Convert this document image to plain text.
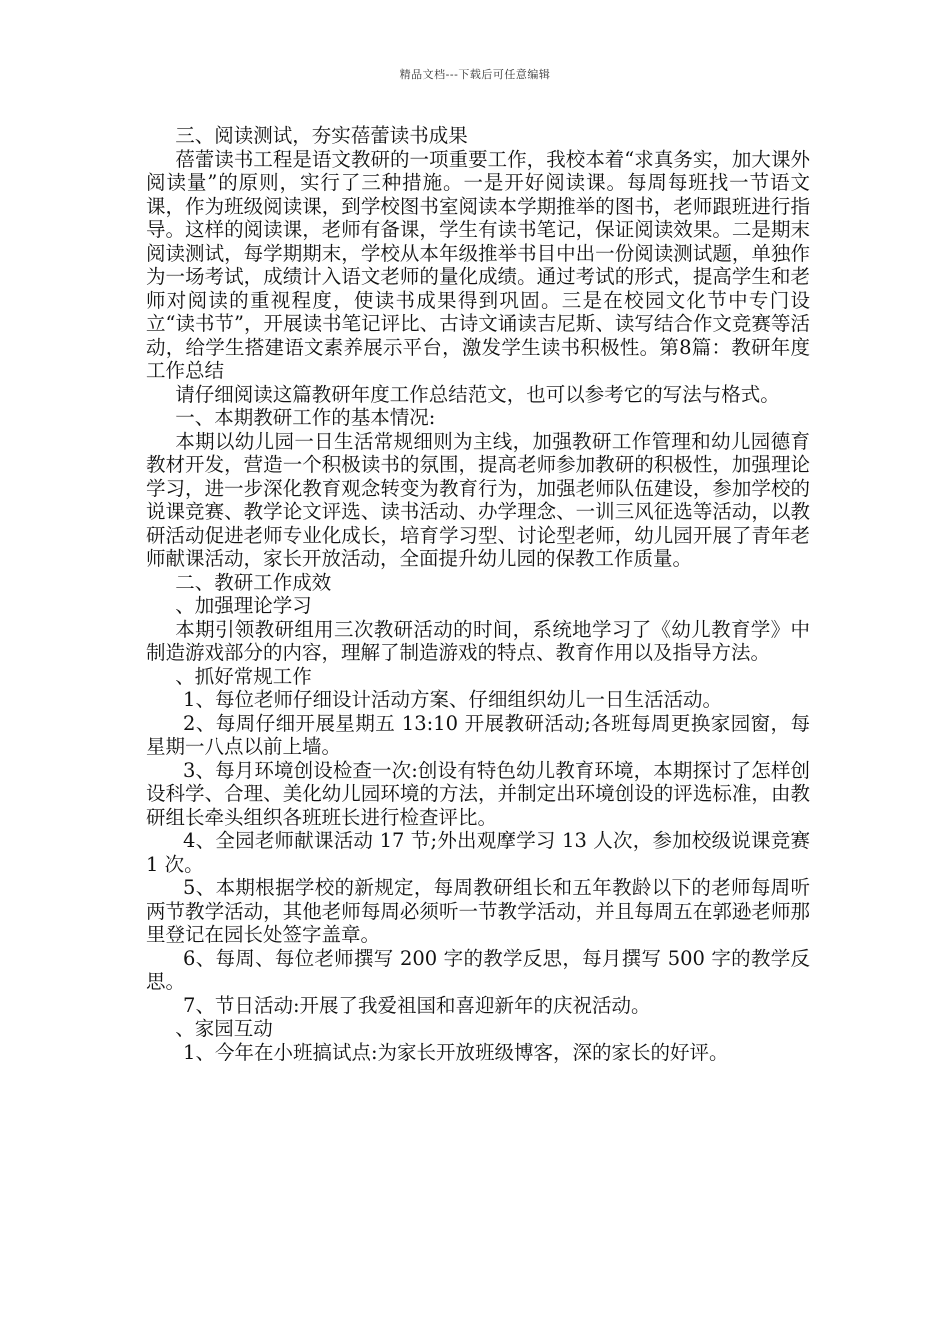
精品文档---下载后可任意编辑

三、阅读测试，夯实蓓蕾读书成果

蓓蕾读书工程是语文教研的一项重要工作，我校本着“求真务实，加大课外阅读量”的原则，实行了三种措施。一是开好阅读课。每周每班找一节语文课，作为班级阅读课，到学校图书室阅读本学期推举的图书，老师跟班进行指导。这样的阅读课，老师有备课，学生有读书笔记，保证阅读效果。二是期末阅读测试，每学期期末，学校从本年级推举书目中出一份阅读测试题，单独作为一场考试，成绩计入语文老师的量化成绩。通过考试的形式，提高学生和老师对阅读的重视程度，使读书成果得到巩固。三是在校园文化节中专门设立“读书节”，开展读书笔记评比、古诗文诵读吉尼斯、读写结合作文竞赛等活动，给学生搭建语文素养展示平台，激发学生读书积极性。第8篇：教研年度工作总结

请仔细阅读这篇教研年度工作总结范文，也可以参考它的写法与格式。

一、本期教研工作的基本情况:

本期以幼儿园一日生活常规细则为主线，加强教研工作管理和幼儿园德育教材开发，营造一个积极读书的氛围，提高老师参加教研的积极性，加强理论学习，进一步深化教育观念转变为教育行为，加强老师队伍建设，参加学校的说课竞赛、教学论文评选、读书活动、办学理念、一训三风征选等活动，以教研活动促进老师专业化成长，培育学习型、讨论型老师，幼儿园开展了青年老师献课活动，家长开放活动，全面提升幼儿园的保教工作质量。

二、教研工作成效

、加强理论学习

本期引领教研组用三次教研活动的时间，系统地学习了《幼儿教育学》中制造游戏部分的内容，理解了制造游戏的特点、教育作用以及指导方法。

、抓好常规工作

1、每位老师仔细设计活动方案、仔细组织幼儿一日生活活动。

2、每周仔细开展星期五 13:10 开展教研活动;各班每周更换家园窗，每星期一八点以前上墙。

3、每月环境创设检查一次:创设有特色幼儿教育环境，本期探讨了怎样创设科学、合理、美化幼儿园环境的方法，并制定出环境创设的评选标准，由教研组长牵头组织各班班长进行检查评比。

4、全园老师献课活动 17 节;外出观摩学习 13 人次，参加校级说课竞赛 1 次。

5、本期根据学校的新规定，每周教研组长和五年教龄以下的老师每周听两节教学活动，其他老师每周必须听一节教学活动，并且每周五在郭逊老师那里登记在园长处签字盖章。

6、每周、每位老师撰写 200 字的教学反思，每月撰写 500 字的教学反思。

7、节日活动:开展了我爱祖国和喜迎新年的庆祝活动。

、家园互动

1、今年在小班搞试点:为家长开放班级博客，深的家长的好评。
